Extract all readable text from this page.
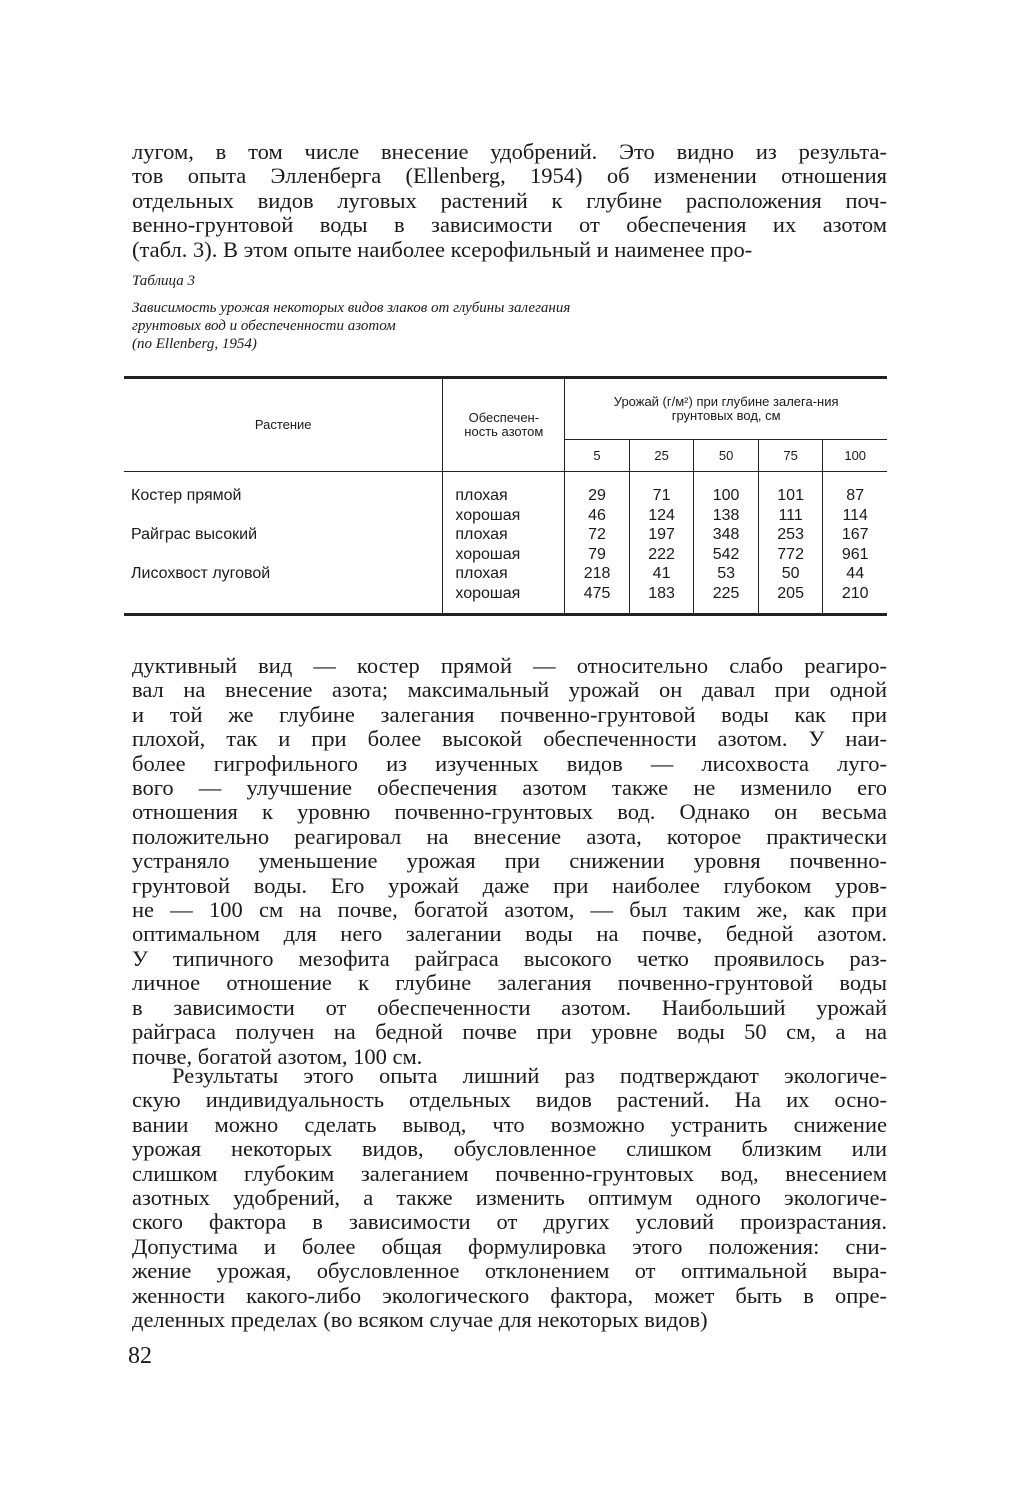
лугом, в том числе внесение удобрений. Это видно из результа-
тов опыта Элленберга (Ellenberg, 1954) об изменении отношения
отдельных видов луговых растений к глубине расположения поч-
венно-грунтовой воды в зависимости от обеспечения их азотом
(табл. 3). В этом опыте наиболее ксерофильный и наименее про-
Таблица 3
Зависимость урожая некоторых видов злаков от глубины залегания
грунтовых вод и обеспеченности азотом
(по Ellenberg, 1954)
Растение	Обеспечен-ность азотом	Урожай (г/м²) при глубине залега-ния грунтовых вод, см				
		5	25	50	75	100
Костер прямой	плохая	29	71	100	101	87
	хорошая	46	124	138	111	114
Райграс высокий	плохая	72	197	348	253	167
	хорошая	79	222	542	772	961
Лисохвост луговой	плохая	218	41	53	50	44
	хорошая	475	183	225	205	210
дуктивный вид — костер прямой — относительно слабо реагиро-
вал на внесение азота; максимальный урожай он давал при одной
и той же глубине залегания почвенно-грунтовой воды как при
плохой, так и при более высокой обеспеченности азотом. У наи-
более гигрофильного из изученных видов — лисохвоста луго-
вого — улучшение обеспечения азотом также не изменило его
отношения к уровню почвенно-грунтовых вод. Однако он весьма
положительно реагировал на внесение азота, которое практически
устраняло уменьшение урожая при снижении уровня почвенно-
грунтовой воды. Его урожай даже при наиболее глубоком уров-
не — 100 см на почве, богатой азотом, — был таким же, как при
оптимальном для него залегании воды на почве, бедной азотом.
У типичного мезофита райграса высокого четко проявилось раз-
личное отношение к глубине залегания почвенно-грунтовой воды
в зависимости от обеспеченности азотом. Наибольший урожай
райграса получен на бедной почве при уровне воды 50 см, а на
почве, богатой азотом, 100 см.
Результаты этого опыта лишний раз подтверждают экологиче-
скую индивидуальность отдельных видов растений. На их осно-
вании можно сделать вывод, что возможно устранить снижение
урожая некоторых видов, обусловленное слишком близким или
слишком глубоким залеганием почвенно-грунтовых вод, внесением
азотных удобрений, а также изменить оптимум одного экологиче-
ского фактора в зависимости от других условий произрастания.
Допустима и более общая формулировка этого положения: сни-
жение урожая, обусловленное отклонением от оптимальной выра-
женности какого-либо экологического фактора, может быть в опре-
деленных пределах (во всяком случае для некоторых видов)
82
